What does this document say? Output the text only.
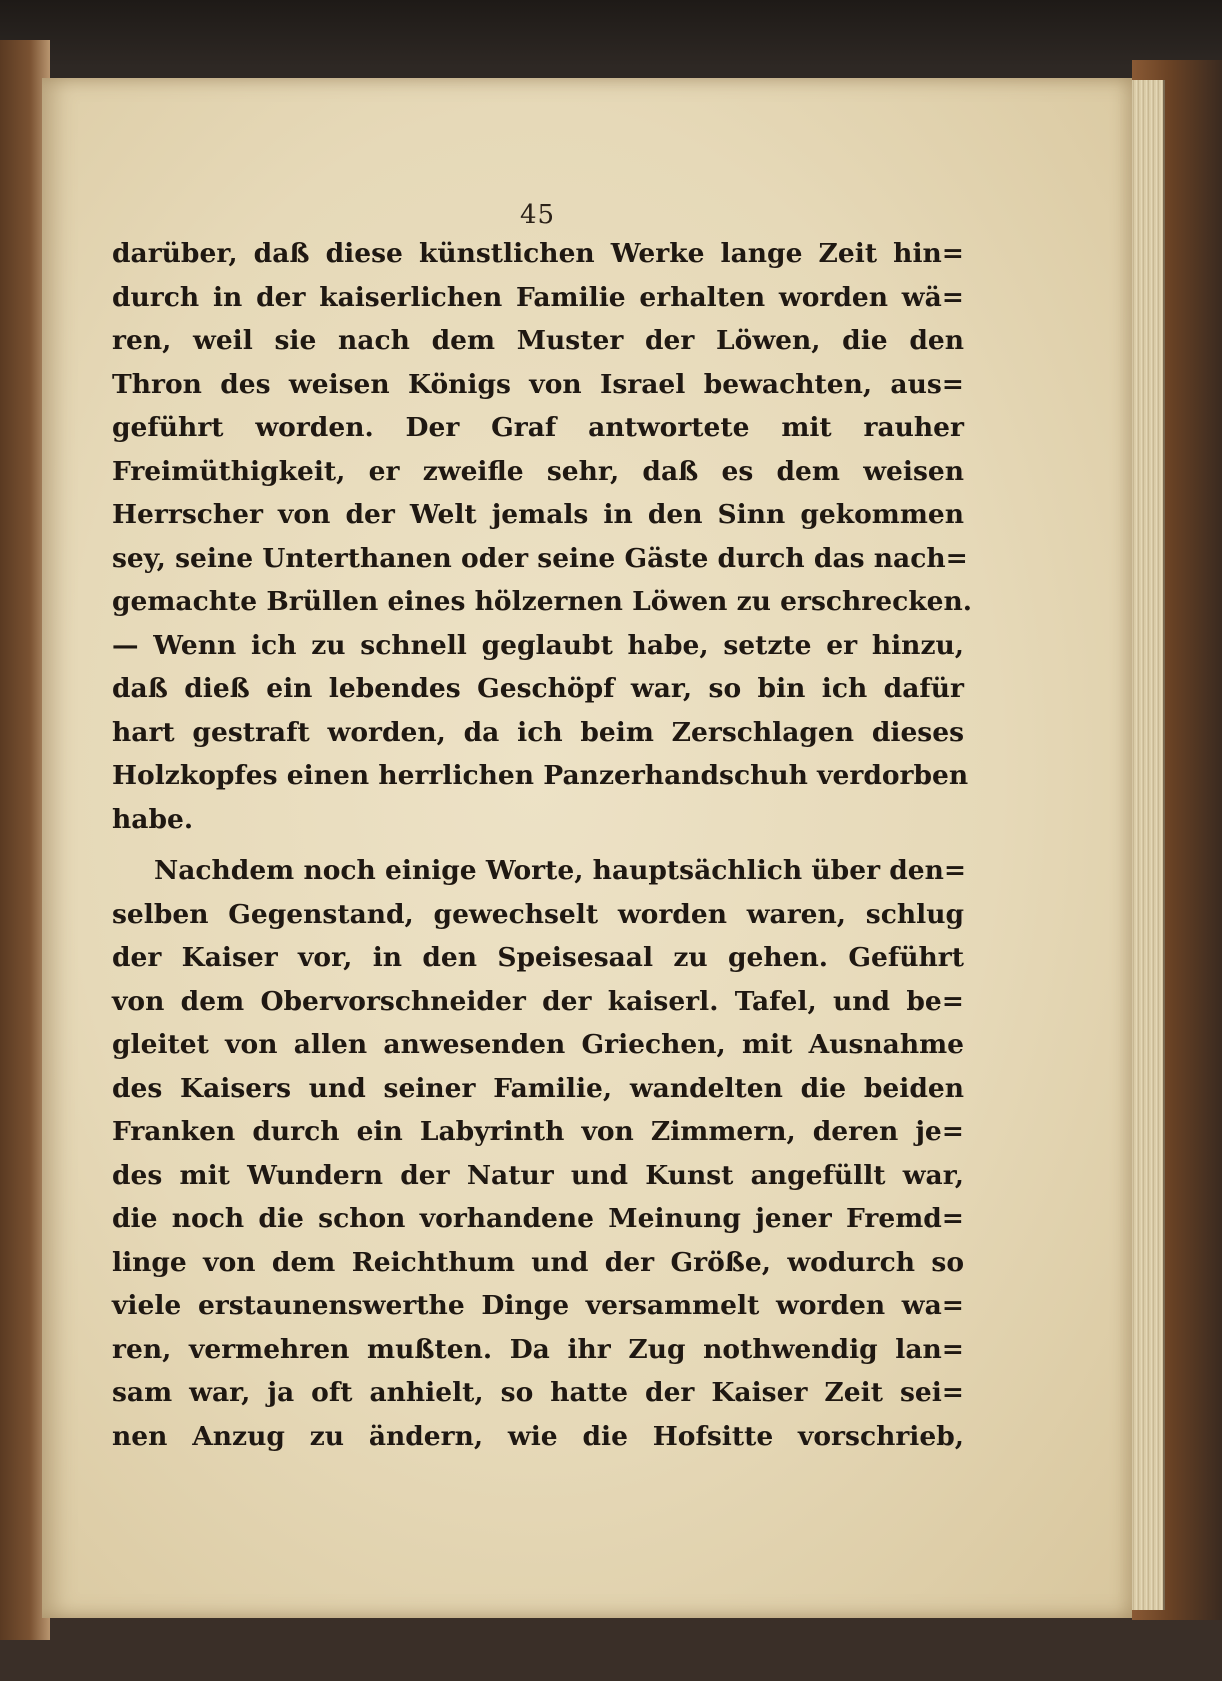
45
darüber, daß diese künstlichen Werke lange Zeit hin=
durch in der kaiserlichen Familie erhalten worden wä=
ren, weil sie nach dem Muster der Löwen, die den
Thron des weisen Königs von Israel bewachten, aus=
geführt worden. Der Graf antwortete mit rauher
Freimüthigkeit, er zweifle sehr, daß es dem weisen
Herrscher von der Welt jemals in den Sinn gekommen
sey, seine Unterthanen oder seine Gäste durch das nach=
gemachte Brüllen eines hölzernen Löwen zu erschrecken.
— Wenn ich zu schnell geglaubt habe, setzte er hinzu,
daß dieß ein lebendes Geschöpf war, so bin ich dafür
hart gestraft worden, da ich beim Zerschlagen dieses
Holzkopfes einen herrlichen Panzerhandschuh verdorben
habe.
Nachdem noch einige Worte, hauptsächlich über den=
selben Gegenstand, gewechselt worden waren, schlug
der Kaiser vor, in den Speisesaal zu gehen. Geführt
von dem Obervorschneider der kaiserl. Tafel, und be=
gleitet von allen anwesenden Griechen, mit Ausnahme
des Kaisers und seiner Familie, wandelten die beiden
Franken durch ein Labyrinth von Zimmern, deren je=
des mit Wundern der Natur und Kunst angefüllt war,
die noch die schon vorhandene Meinung jener Fremd=
linge von dem Reichthum und der Größe, wodurch so
viele erstaunenswerthe Dinge versammelt worden wa=
ren, vermehren mußten. Da ihr Zug nothwendig lan=
sam war, ja oft anhielt, so hatte der Kaiser Zeit sei=
nen Anzug zu ändern, wie die Hofsitte vorschrieb,
